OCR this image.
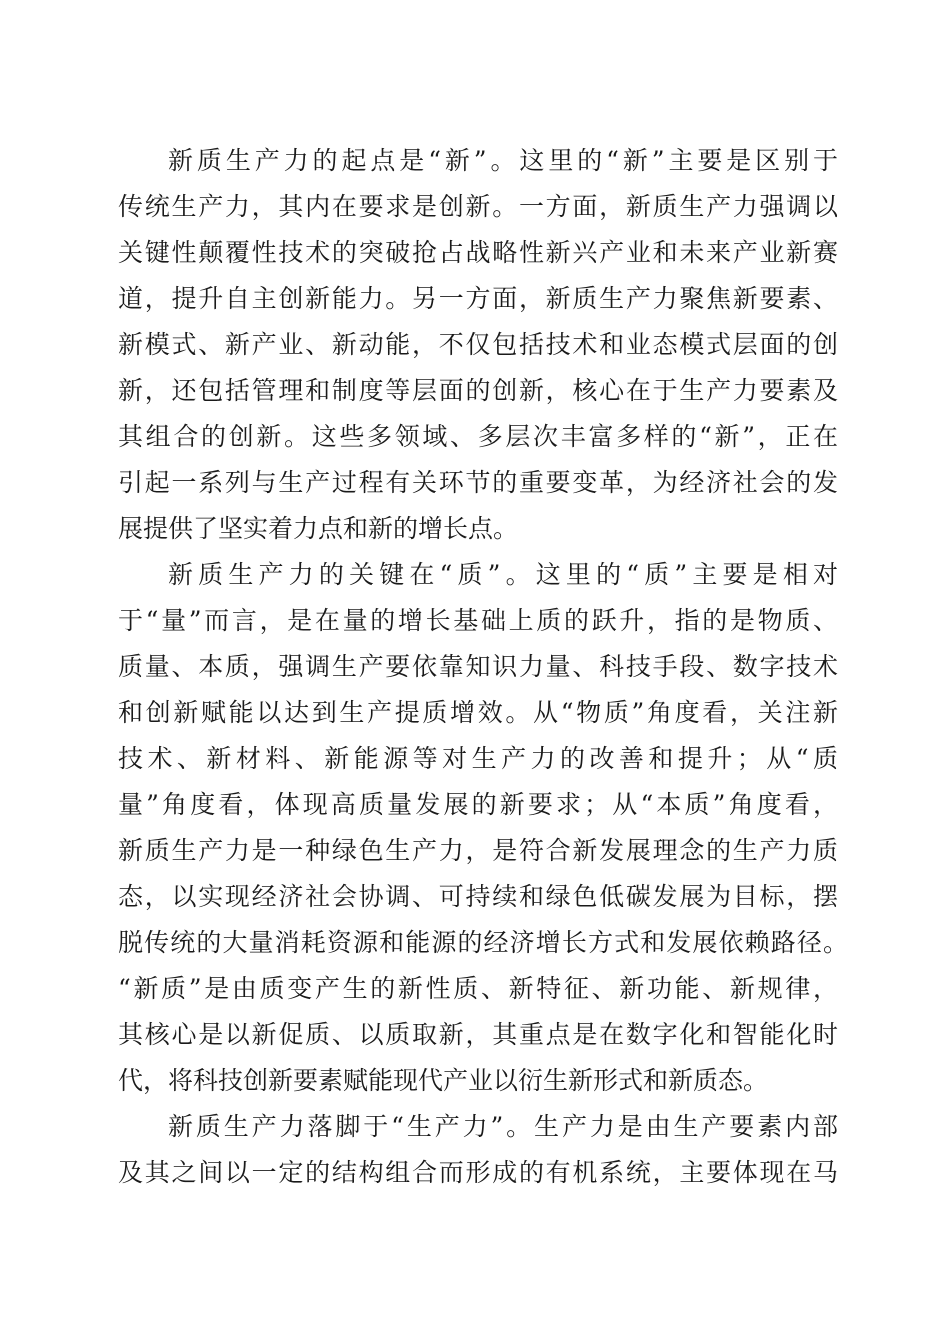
新质生产力的起点是“新”。这里的“新”主要是区别于
传统生产力，其内在要求是创新。一方面，新质生产力强调以
关键性颠覆性技术的突破抢占战略性新兴产业和未来产业新赛
道，提升自主创新能力。另一方面，新质生产力聚焦新要素、
新模式、新产业、新动能，不仅包括技术和业态模式层面的创
新，还包括管理和制度等层面的创新，核心在于生产力要素及
其组合的创新。这些多领域、多层次丰富多样的“新”，正在
引起一系列与生产过程有关环节的重要变革，为经济社会的发
展提供了坚实着力点和新的增长点。
新质生产力的关键在“质”。这里的“质”主要是相对
于“量”而言，是在量的增长基础上质的跃升，指的是物质、
质量、本质，强调生产要依靠知识力量、科技手段、数字技术
和创新赋能以达到生产提质增效。从“物质”角度看，关注新
技术、新材料、新能源等对生产力的改善和提升；从“质
量”角度看，体现高质量发展的新要求；从“本质”角度看，
新质生产力是一种绿色生产力，是符合新发展理念的生产力质
态，以实现经济社会协调、可持续和绿色低碳发展为目标，摆
脱传统的大量消耗资源和能源的经济增长方式和发展依赖路径。
“新质”是由质变产生的新性质、新特征、新功能、新规律，
其核心是以新促质、以质取新，其重点是在数字化和智能化时
代，将科技创新要素赋能现代产业以衍生新形式和新质态。
新质生产力落脚于“生产力”。生产力是由生产要素内部
及其之间以一定的结构组合而形成的有机系统，主要体现在马
